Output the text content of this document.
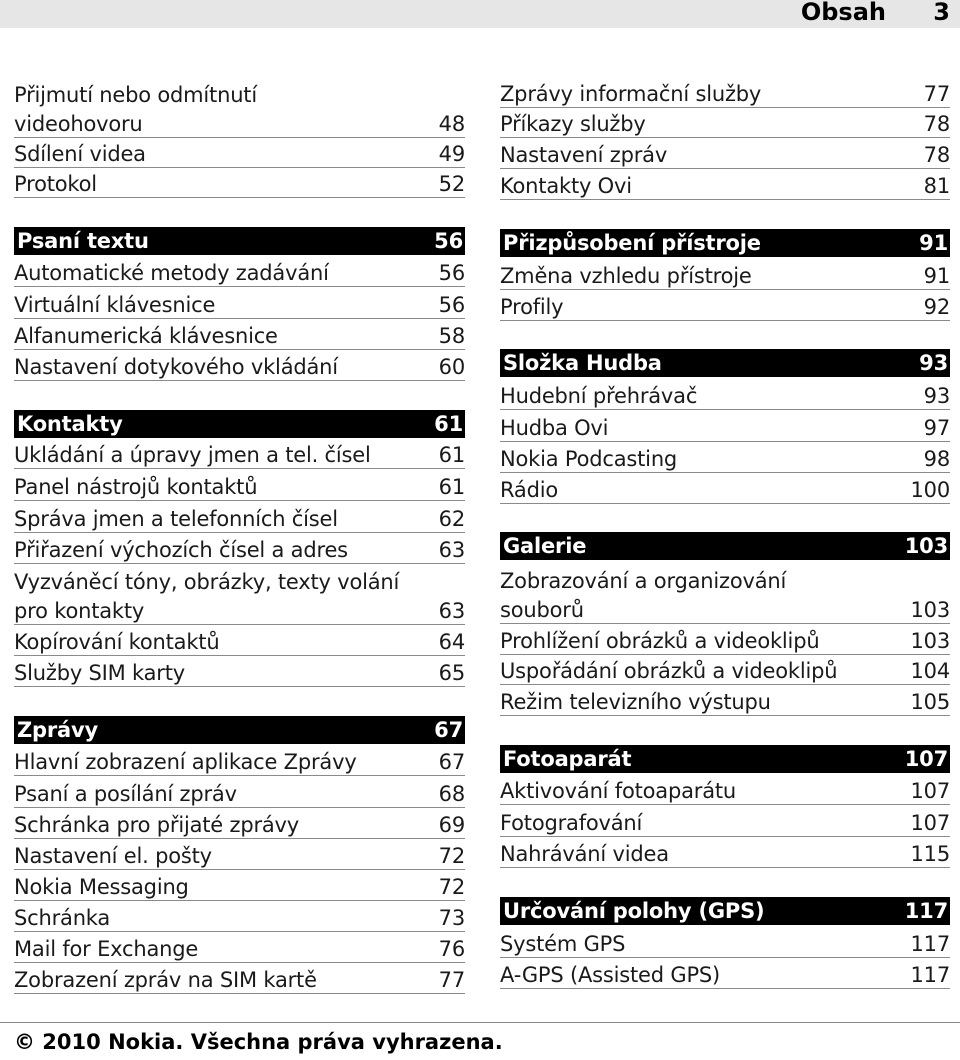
Obsah 3
Přijmutí nebo odmítnutí
videohovoru	48
Sdílení videa	49
Protokol	52
Psaní textu	56
Automatické metody zadávání	56
Virtuální klávesnice	56
Alfanumerická klávesnice	58
Nastavení dotykového vkládání	60
Kontakty	61
Ukládání a úpravy jmen a tel. čísel	61
Panel nástrojů kontaktů	61
Správa jmen a telefonních čísel	62
Přiřazení výchozích čísel a adres	63
Vyzváněcí tóny, obrázky, texty volání
pro kontakty	63
Kopírování kontaktů	64
Služby SIM karty	65
Zprávy	67
Hlavní zobrazení aplikace Zprávy	67
Psaní a posílání zpráv	68
Schránka pro přijaté zprávy	69
Nastavení el. pošty	72
Nokia Messaging	72
Schránka	73
Mail for Exchange	76
Zobrazení zpráv na SIM kartě	77
Zprávy informační služby	77
Příkazy služby	78
Nastavení zpráv	78
Kontakty Ovi	81
Přizpůsobení přístroje	91
Změna vzhledu přístroje	91
Profily	92
Složka Hudba	93
Hudební přehrávač	93
Hudba Ovi	97
Nokia Podcasting	98
Rádio	100
Galerie	103
Zobrazování a organizování
souborů	103
Prohlížení obrázků a videoklipů	103
Uspořádání obrázků a videoklipů	104
Režim televizního výstupu	105
Fotoaparát	107
Aktivování fotoaparátu	107
Fotografování	107
Nahrávání videa	115
Určování polohy (GPS)	117
Systém GPS	117
A-GPS (Assisted GPS)	117
© 2010 Nokia. Všechna práva vyhrazena.
